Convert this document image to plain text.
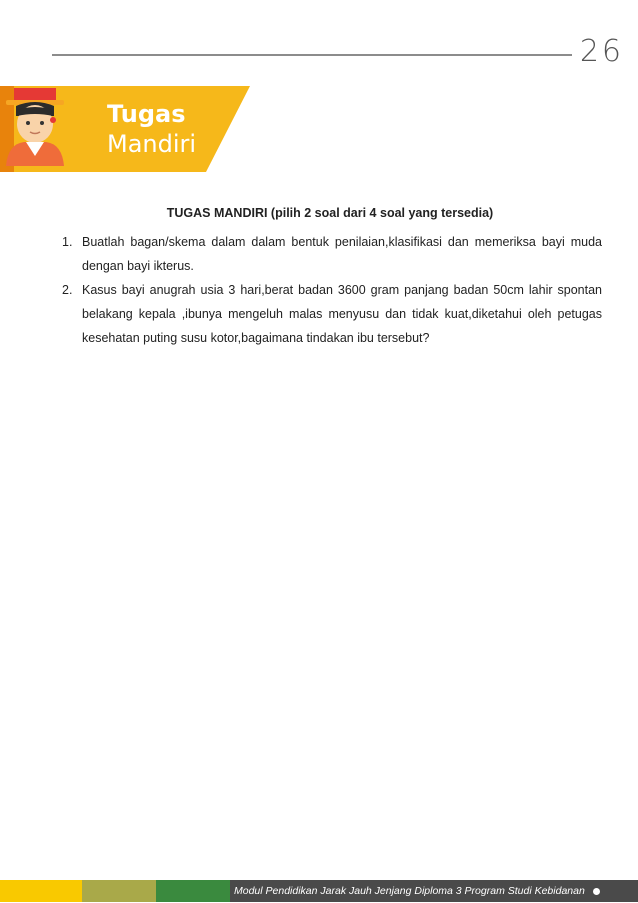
26
Tugas
Mandiri
TUGAS MANDIRI (pilih 2 soal dari 4 soal yang tersedia)
1. Buatlah bagan/skema dalam dalam bentuk penilaian,klasifikasi dan memeriksa bayi muda dengan bayi ikterus.
2. Kasus bayi anugrah usia 3 hari,berat badan 3600 gram panjang badan 50cm lahir spontan belakang kepala ,ibunya mengeluh malas menyusu dan tidak kuat,diketahui oleh petugas kesehatan puting susu kotor,bagaimana tindakan ibu tersebut?
Modul Pendidikan Jarak Jauh Jenjang Diploma 3 Program Studi Kebidanan
